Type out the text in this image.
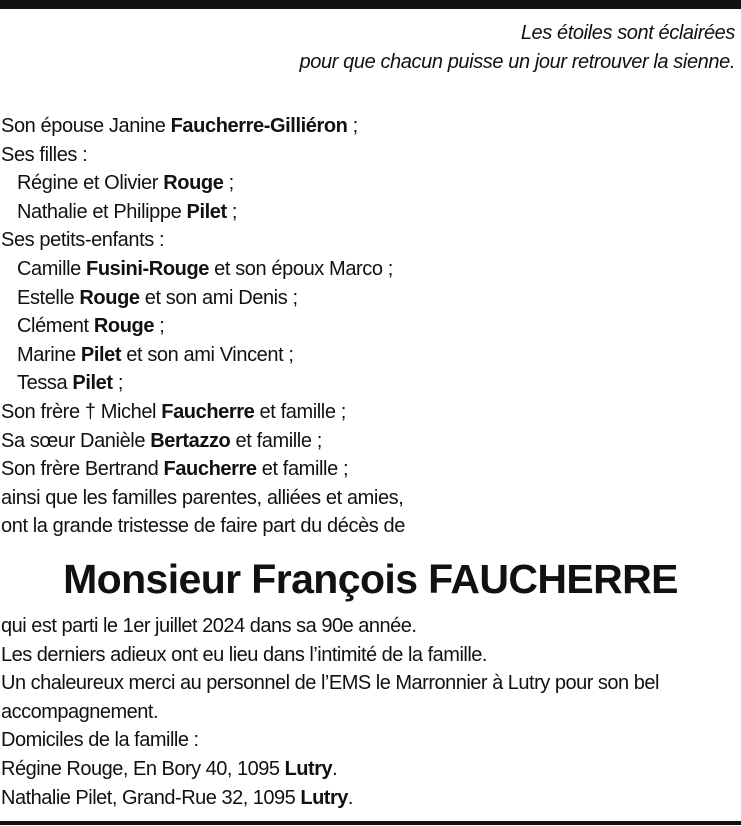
Les étoiles sont éclairées
pour que chacun puisse un jour retrouver la sienne.
Son épouse Janine Faucherre-Gilliéron ;
Ses filles :
Régine et Olivier Rouge ;
Nathalie et Philippe Pilet ;
Ses petits-enfants :
Camille Fusini-Rouge et son époux Marco ;
Estelle Rouge et son ami Denis ;
Clément Rouge ;
Marine Pilet et son ami Vincent ;
Tessa Pilet ;
Son frère † Michel Faucherre et famille ;
Sa sœur Danièle Bertazzo et famille ;
Son frère Bertrand Faucherre et famille ;
ainsi que les familles parentes, alliées et amies,
ont la grande tristesse de faire part du décès de
Monsieur François FAUCHERRE
qui est parti le 1er juillet 2024 dans sa 90e année.
Les derniers adieux ont eu lieu dans l’intimité de la famille.
Un chaleureux merci au personnel de l’EMS le Marronnier à Lutry pour son bel
accompagnement.
Domiciles de la famille :
Régine Rouge, En Bory 40, 1095 Lutry.
Nathalie Pilet, Grand-Rue 32, 1095 Lutry.
